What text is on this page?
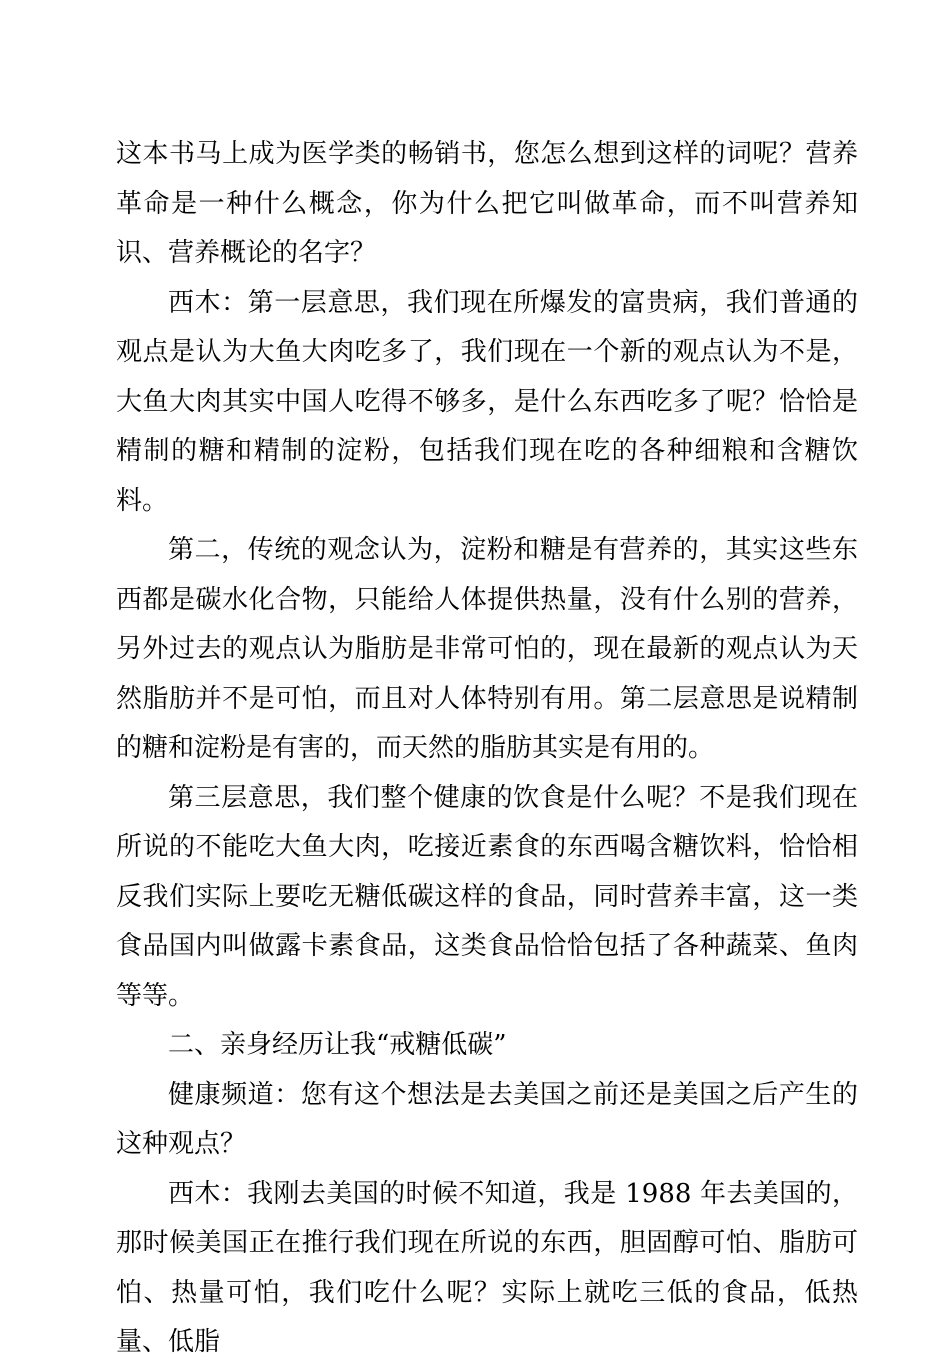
这本书马上成为医学类的畅销书，您怎么想到这样的词呢？营养革命是一种什么概念，你为什么把它叫做革命，而不叫营养知识、营养概论的名字？

西木：第一层意思，我们现在所爆发的富贵病，我们普通的观点是认为大鱼大肉吃多了，我们现在一个新的观点认为不是，大鱼大肉其实中国人吃得不够多，是什么东西吃多了呢？恰恰是精制的糖和精制的淀粉，包括我们现在吃的各种细粮和含糖饮料。

第二，传统的观念认为，淀粉和糖是有营养的，其实这些东西都是碳水化合物，只能给人体提供热量，没有什么别的营养，另外过去的观点认为脂肪是非常可怕的，现在最新的观点认为天然脂肪并不是可怕，而且对人体特别有用。第二层意思是说精制的糖和淀粉是有害的，而天然的脂肪其实是有用的。

第三层意思，我们整个健康的饮食是什么呢？不是我们现在所说的不能吃大鱼大肉，吃接近素食的东西喝含糖饮料，恰恰相反我们实际上要吃无糖低碳这样的食品，同时营养丰富，这一类食品国内叫做露卡素食品，这类食品恰恰包括了各种蔬菜、鱼肉等等。

二、亲身经历让我“戒糖低碳”

健康频道：您有这个想法是去美国之前还是美国之后产生的这种观点？

西木：我刚去美国的时候不知道，我是 1988 年去美国的，那时候美国正在推行我们现在所说的东西，胆固醇可怕、脂肪可怕、热量可怕，我们吃什么呢？实际上就吃三低的食品，低热量、低脂
